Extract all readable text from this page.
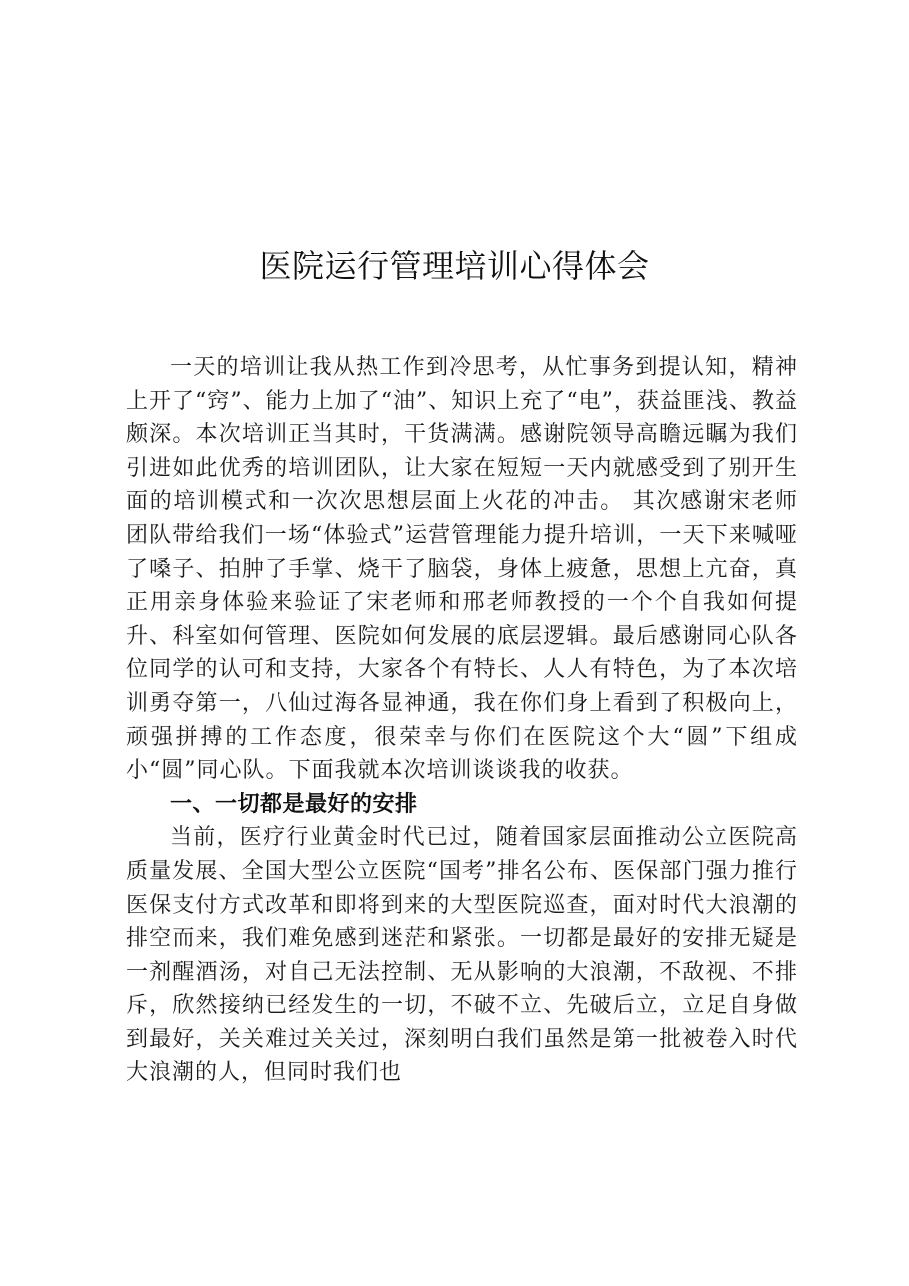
医院运行管理培训心得体会

一天的培训让我从热工作到冷思考，从忙事务到提认知，精神上开了“窍”、能力上加了“油”、知识上充了“电”，获益匪浅、教益颇深。本次培训正当其时，干货满满。感谢院领导高瞻远瞩为我们引进如此优秀的培训团队，让大家在短短一天内就感受到了别开生面的培训模式和一次次思想层面上火花的冲击。 其次感谢宋老师团队带给我们一场“体验式”运营管理能力提升培训，一天下来喊哑了嗓子、拍肿了手掌、烧干了脑袋，身体上疲惫，思想上亢奋，真正用亲身体验来验证了宋老师和邢老师教授的一个个自我如何提升、科室如何管理、医院如何发展的底层逻辑。最后感谢同心队各位同学的认可和支持，大家各个有特长、人人有特色，为了本次培训勇夺第一，八仙过海各显神通，我在你们身上看到了积极向上，顽强拼搏的工作态度，很荣幸与你们在医院这个大“圆”下组成小“圆”同心队。下面我就本次培训谈谈我的收获。

一、一切都是最好的安排

当前，医疗行业黄金时代已过，随着国家层面推动公立医院高质量发展、全国大型公立医院“国考”排名公布、医保部门强力推行医保支付方式改革和即将到来的大型医院巡查，面对时代大浪潮的排空而来，我们难免感到迷茫和紧张。一切都是最好的安排无疑是一剂醒酒汤，对自己无法控制、无从影响的大浪潮，不敌视、不排斥，欣然接纳已经发生的一切，不破不立、先破后立，立足自身做到最好，关关难过关关过，深刻明白我们虽然是第一批被卷入时代大浪潮的人，但同时我们也
